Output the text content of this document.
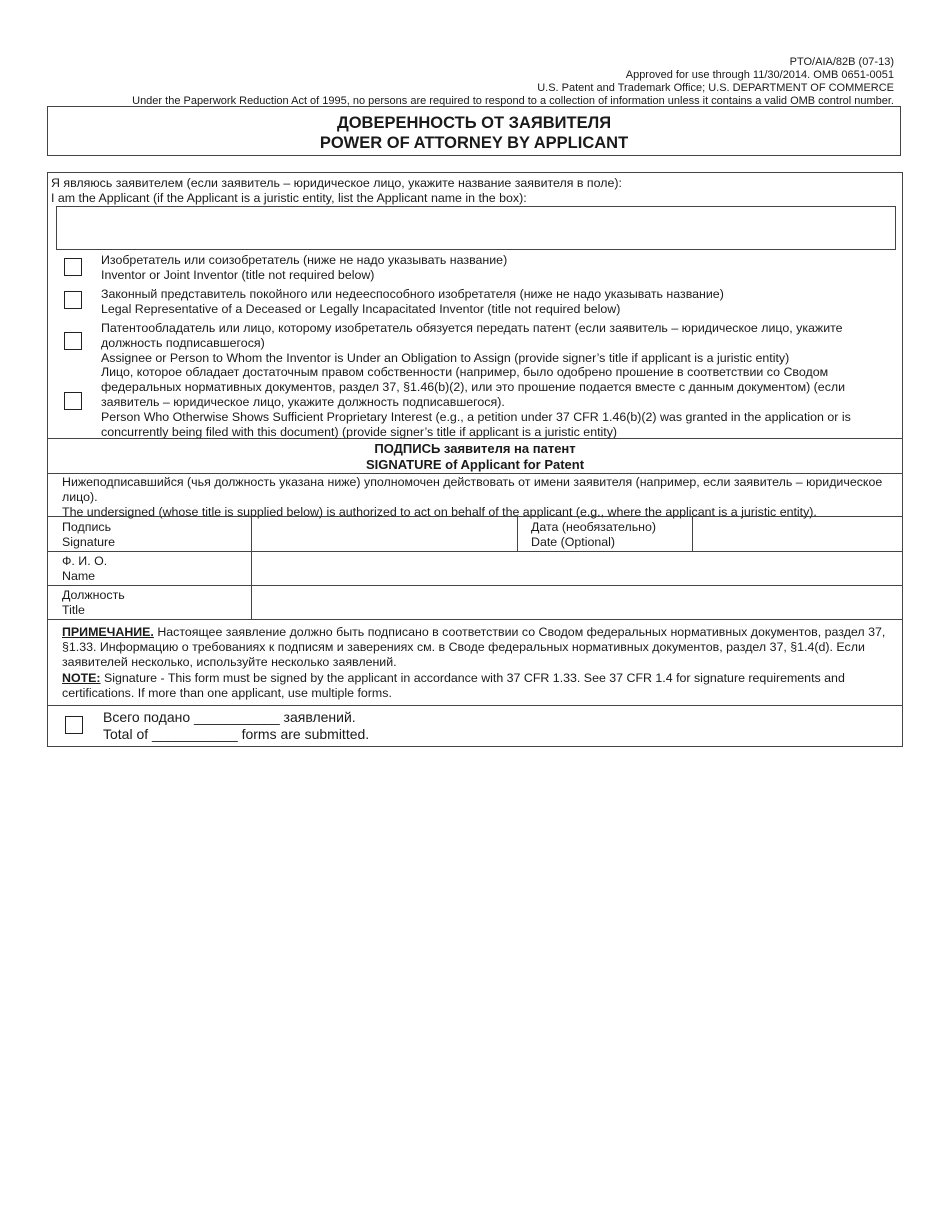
PTO/AIA/82B (07-13)
Approved for use through 11/30/2014. OMB 0651-0051
U.S. Patent and Trademark Office; U.S. DEPARTMENT OF COMMERCE
Under the Paperwork Reduction Act of 1995, no persons are required to respond to a collection of information unless it contains a valid OMB control number.
ДОВЕРЕННОСТЬ ОТ ЗАЯВИТЕЛЯ
POWER OF ATTORNEY BY APPLICANT
Я являюсь заявителем (если заявитель – юридическое лицо, укажите название заявителя в поле):
I am the Applicant (if the Applicant is a juristic entity, list the Applicant name in the box):
Изобретатель или соизобретатель (ниже не надо указывать название)
Inventor or Joint Inventor (title not required below)
Законный представитель покойного или недееспособного изобретателя (ниже не надо указывать название)
Legal Representative of a Deceased or Legally Incapacitated Inventor (title not required below)
Патентообладатель или лицо, которому изобретатель обязуется передать патент (если заявитель – юридическое лицо, укажите должность подписавшегося)
Assignee or Person to Whom the Inventor is Under an Obligation to Assign (provide signer’s title if applicant is a juristic entity)
Лицо, которое обладает достаточным правом собственности (например, было одобрено прошение в соответствии со Сводом федеральных нормативных документов, раздел 37, §1.46(b)(2), или это прошение подается вместе с данным документом) (если заявитель – юридическое лицо, укажите должность подписавшегося).
Person Who Otherwise Shows Sufficient Proprietary Interest (e.g., a petition under 37 CFR 1.46(b)(2) was granted in the application or is concurrently being filed with this document) (provide signer’s title if applicant is a juristic entity)
ПОДПИСЬ заявителя на патент
SIGNATURE of Applicant for Patent
Нижеподписавшийся (чья должность указана ниже) уполномочен действовать от имени заявителя (например, если заявитель – юридическое лицо).
The undersigned (whose title is supplied below) is authorized to act on behalf of the applicant (e.g., where the applicant is a juristic entity).
Подпись
Signature
Дата (необязательно)
Date (Optional)
Ф. И. О.
Name
Должность
Title
ПРИМЕЧАНИЕ. Настоящее заявление должно быть подписано в соответствии со Сводом федеральных нормативных документов, раздел 37, §1.33. Информацию о требованиях к подписям и заверениях см. в Своде федеральных нормативных документов, раздел 37, §1.4(d). Если заявителей несколько, используйте несколько заявлений.
NOTE: Signature - This form must be signed by the applicant in accordance with 37 CFR 1.33. See 37 CFR 1.4 for signature requirements and certifications. If more than one applicant, use multiple forms.
Всего подано ___________ заявлений.
Total of ___________ forms are submitted.
